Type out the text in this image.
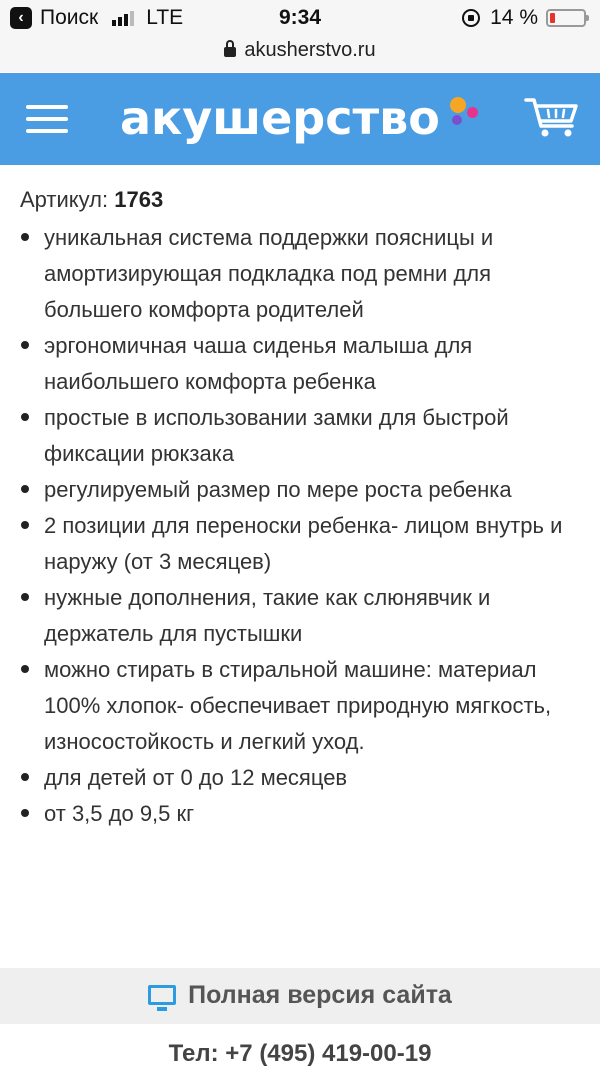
‹ Поиск LTE	9:34	14 %
akusherstvo.ru
акушерство
Артикул: 1763
уникальная система поддержки поясницы и амортизирующая подкладка под ремни для большего комфорта родителей
эргономичная чаша сиденья малыша для наибольшего комфорта ребенка
простые в использовании замки для быстрой фиксации рюкзака
регулируемый размер по мере роста ребенка
2 позиции для переноски ребенка- лицом внутрь и наружу (от 3 месяцев)
нужные дополнения, такие как слюнявчик и держатель для пустышки
можно стирать в стиральной машине: материал 100% хлопок- обеспечивает природную мягкость, износостойкость и легкий уход.
для детей от 0 до 12 месяцев
от 3,5 до 9,5 кг
Полная версия сайта
Тел: +7 (495) 419-00-19
